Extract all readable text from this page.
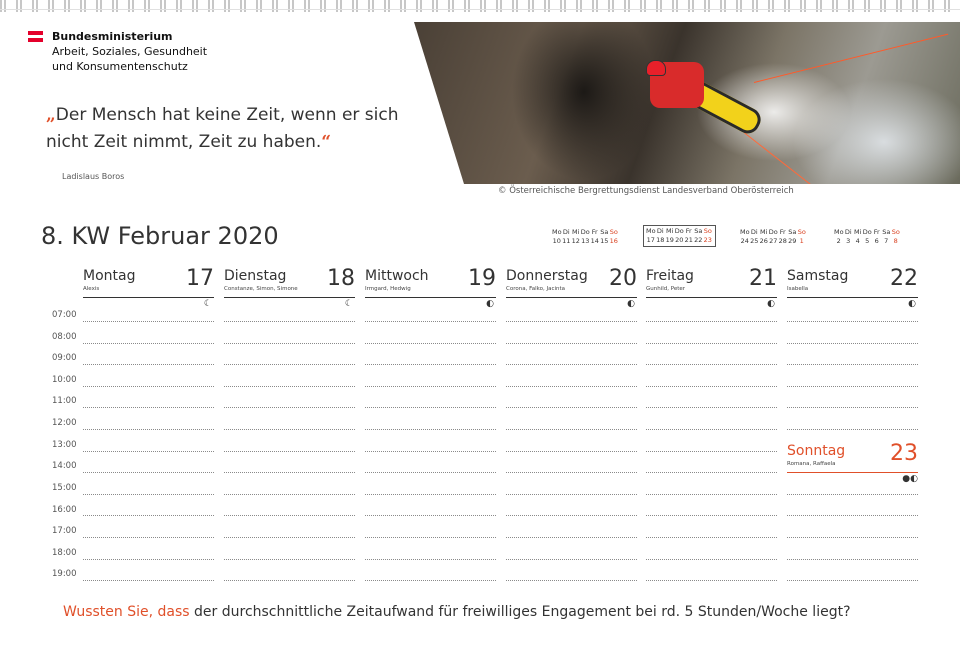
Bundesministerium
Arbeit, Soziales, Gesundheit
und Konsumentenschutz
„Der Mensch hat keine Zeit, wenn er sich nicht Zeit nimmt, Zeit zu haben.“
Ladislaus Boros
© Österreichische Bergrettungsdienst Landesverband Oberösterreich
8. KW Februar 2020	Mo Di Mi Do Fr Sa So
10 11 12 13 14 15 16
Mo Di Mi Do Fr Sa So
17 18 19 20 21 22 23
Mo Di Mi Do Fr Sa So
24 25 26 27 28 29 1
Mo Di Mi Do Fr Sa So
2 3 4 5 6 7 8
Montag 17
Alexis
☾
Dienstag 18
Constanze, Simon, Simone
☾
Mittwoch 19
Irmgard, Hedwig
◐
Donnerstag 20
Corona, Falko, Jacinta
◐
Freitag	21
Gunhild, Peter
◐
Samstag 22
Isabella
◐
Sonntag 23
Romana, Raffaela
●◐
07:00
08:00
09:00
10:00
11:00
12:00
13:00
14:00
15:00
16:00
17:00
18:00
19:00
Wussten Sie, dass der durchschnittliche Zeitaufwand für freiwilliges Engagement bei rd. 5 Stunden/Woche liegt?
